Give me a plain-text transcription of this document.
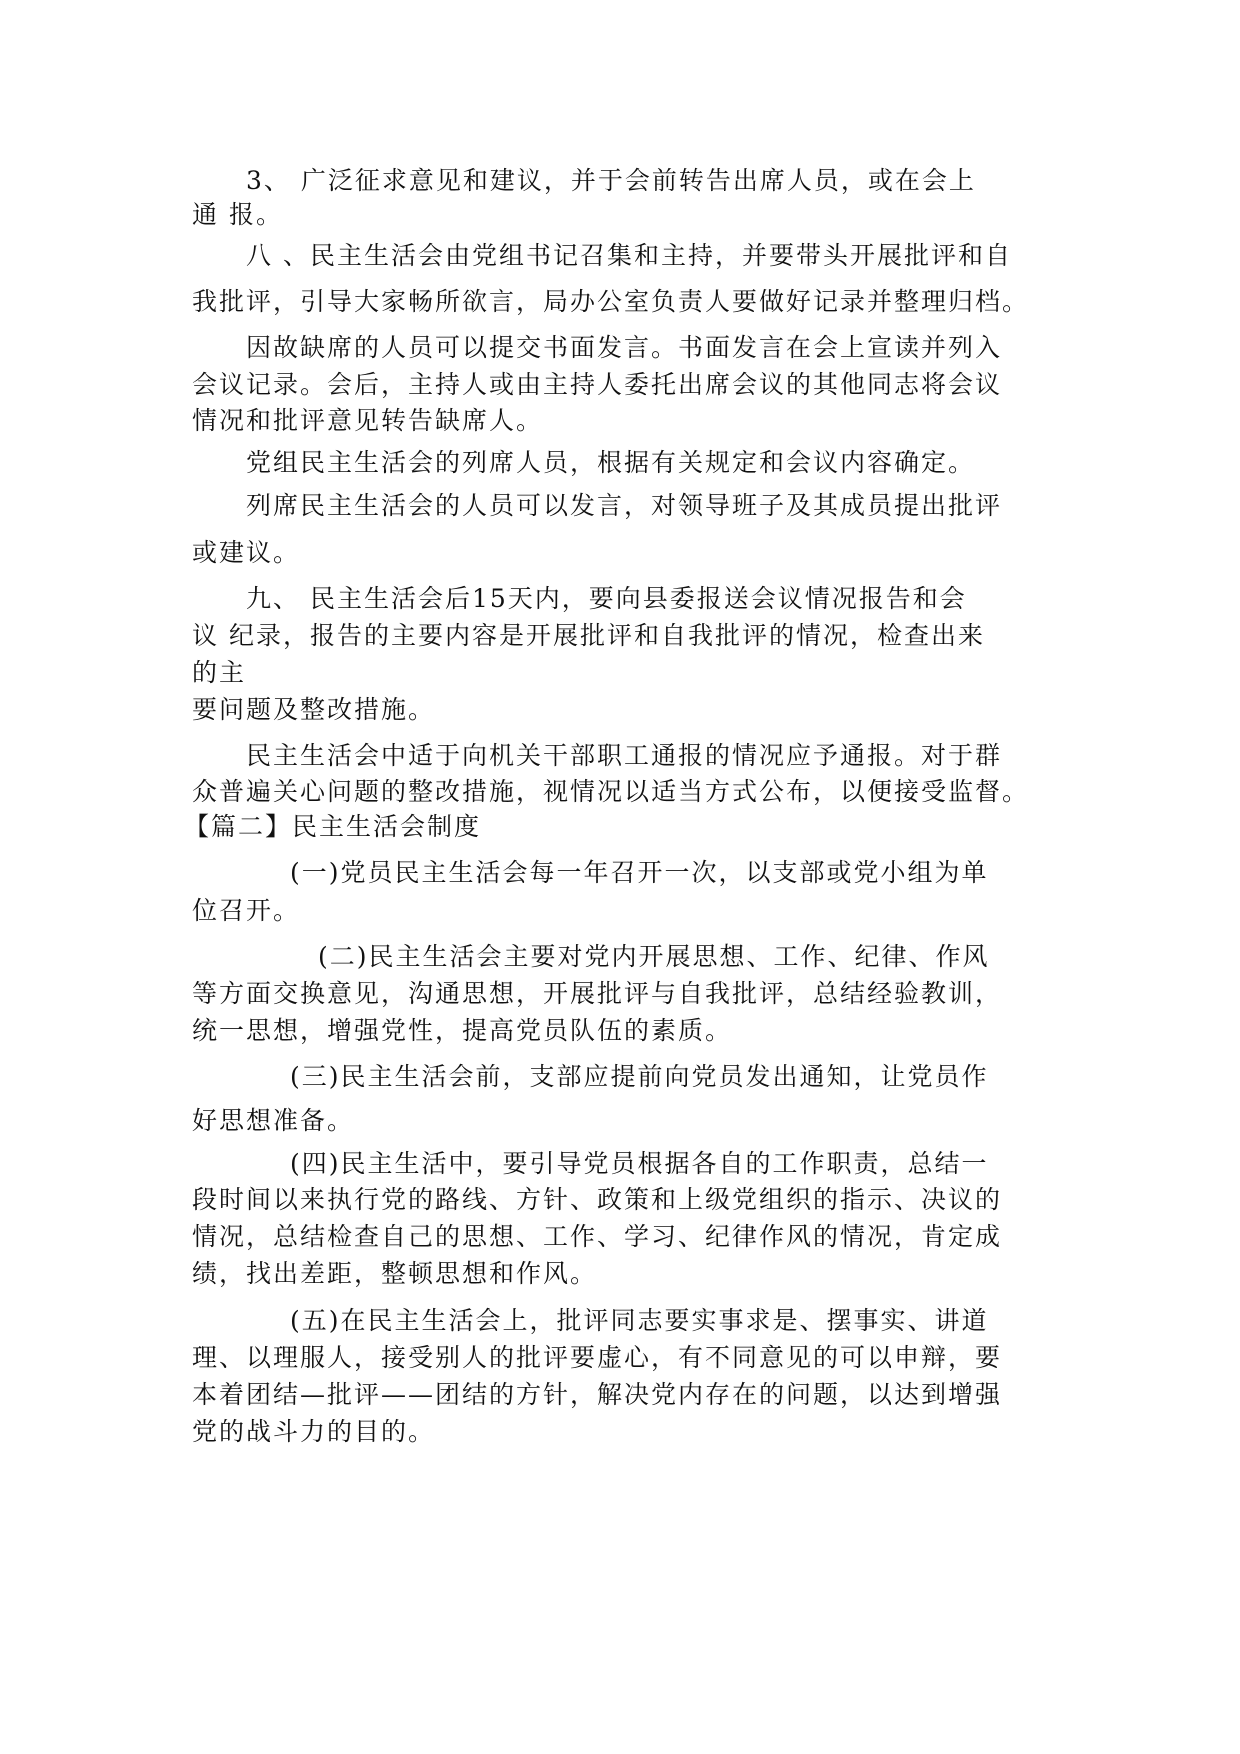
3、 广泛征求意见和建议，并于会前转告出席人员，或在会上
通 报。
八 、民主生活会由党组书记召集和主持，并要带头开展批评和自
我批评，引导大家畅所欲言，局办公室负责人要做好记录并整理归档。
因故缺席的人员可以提交书面发言。书面发言在会上宣读并列入
会议记录。会后，主持人或由主持人委托出席会议的其他同志将会议
情况和批评意见转告缺席人。
党组民主生活会的列席人员，根据有关规定和会议内容确定。
列席民主生活会的人员可以发言，对领导班子及其成员提出批评
或建议。
九、 民主生活会后15天内，要向县委报送会议情况报告和会
议 纪录，报告的主要内容是开展批评和自我批评的情况，检查出来
的主
要问题及整改措施。
民主生活会中适于向机关干部职工通报的情况应予通报。对于群
众普遍关心问题的整改措施，视情况以适当方式公布，以便接受监督。
【篇二】民主生活会制度
(一)党员民主生活会每一年召开一次，以支部或党小组为单
位召开。
(二)民主生活会主要对党内开展思想、工作、纪律、作风
等方面交换意见，沟通思想，开展批评与自我批评，总结经验教训，
统一思想，增强党性，提高党员队伍的素质。
(三)民主生活会前，支部应提前向党员发出通知，让党员作
好思想准备。
(四)民主生活中，要引导党员根据各自的工作职责，总结一
段时间以来执行党的路线、方针、政策和上级党组织的指示、决议的
情况，总结检查自己的思想、工作、学习、纪律作风的情况，肯定成
绩，找出差距，整顿思想和作风。
(五)在民主生活会上，批评同志要实事求是、摆事实、讲道
理、以理服人，接受别人的批评要虚心，有不同意见的可以申辩，要
本着团结—批评——团结的方针，解决党内存在的问题，以达到增强
党的战斗力的目的。
